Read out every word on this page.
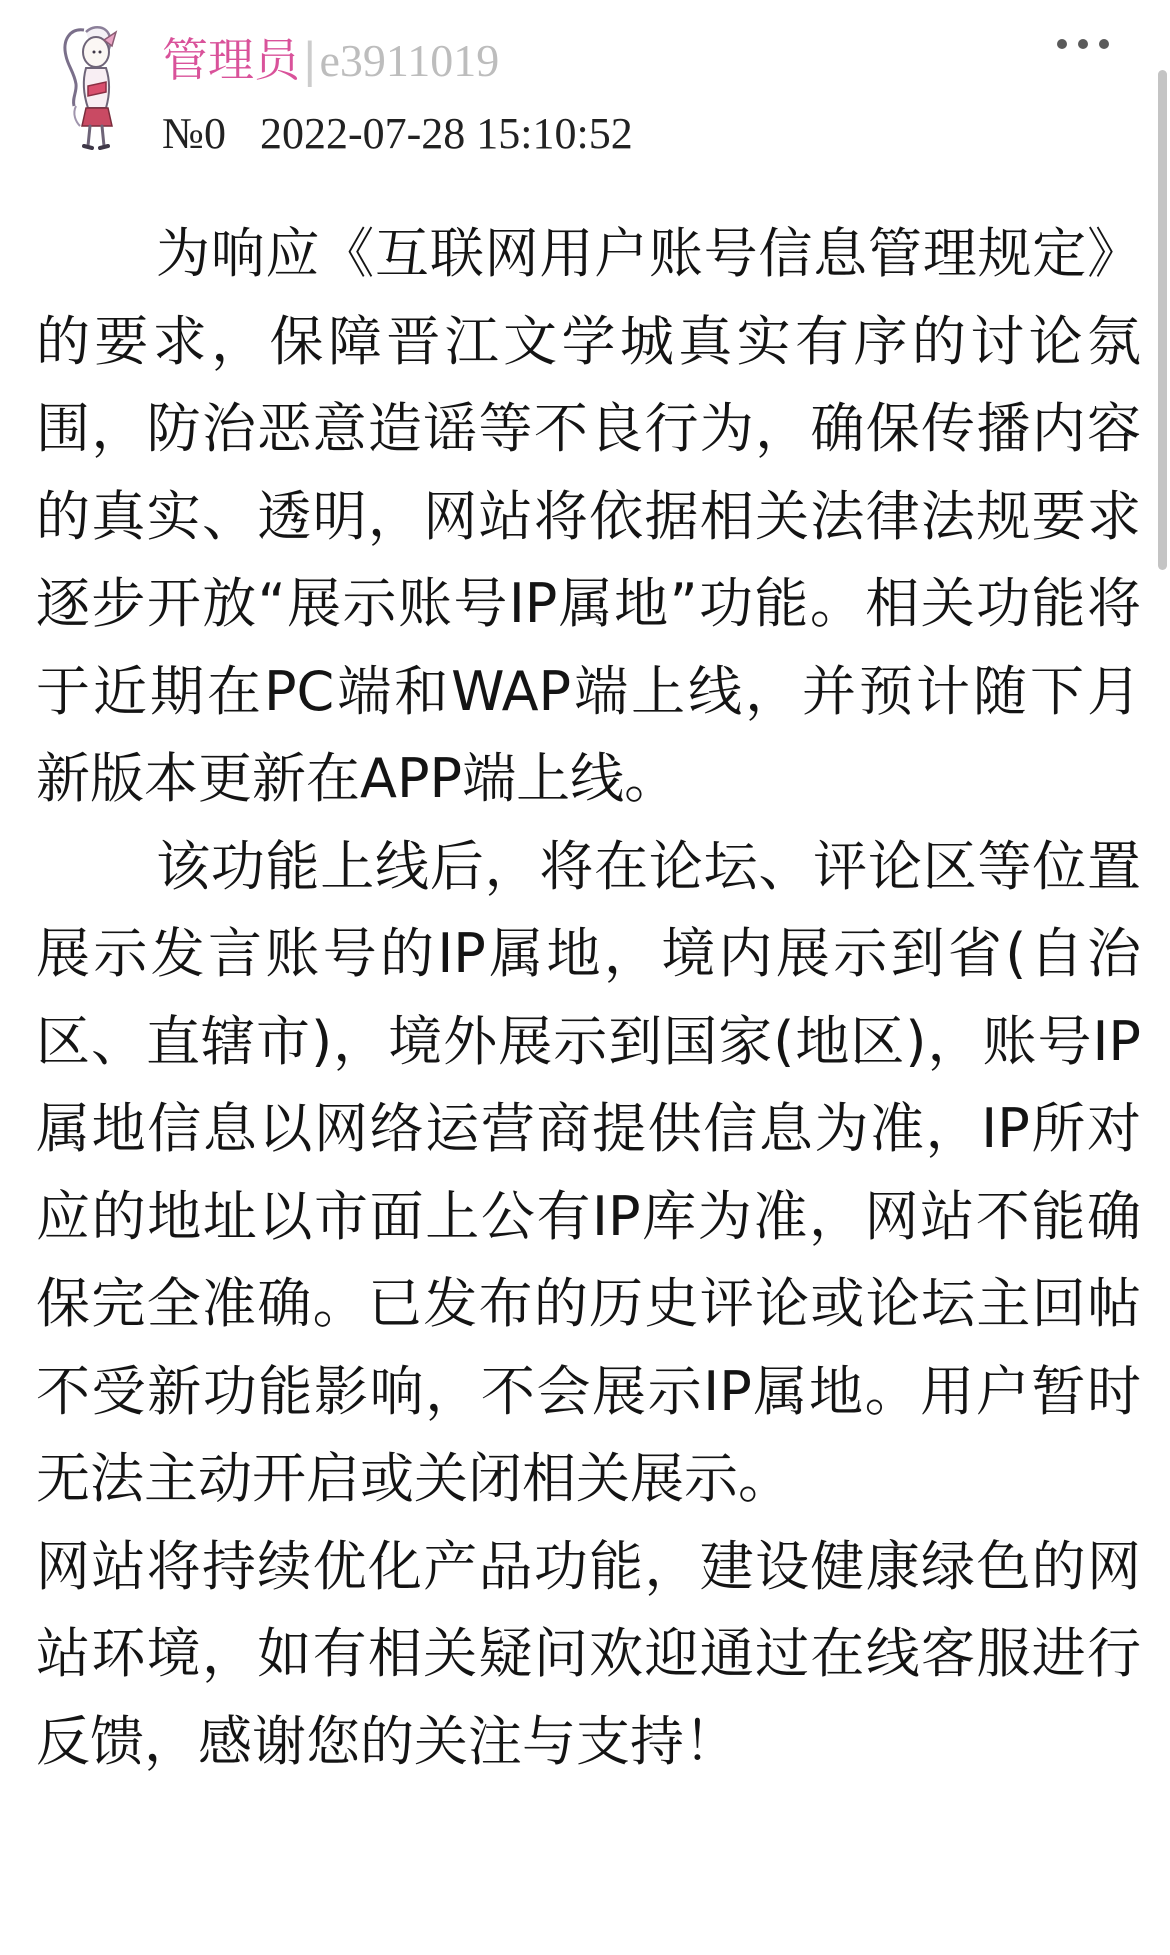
管理员|e3911019
№0 2022-07-28 15:10:52

为响应《互联网用户账号信息管理规定》的要求，保障晋江文学城真实有序的讨论氛围，防治恶意造谣等不良行为，确保传播内容的真实、透明，网站将依据相关法律法规要求逐步开放“展示账号IP属地”功能。相关功能将于近期在PC端和WAP端上线，并预计随下月新版本更新在APP端上线。

该功能上线后，将在论坛、评论区等位置展示发言账号的IP属地，境内展示到省(自治区、直辖市)，境外展示到国家(地区)，账号IP属地信息以网络运营商提供信息为准，IP所对应的地址以市面上公有IP库为准，网站不能确保完全准确。已发布的历史评论或论坛主回帖不受新功能影响，不会展示IP属地。用户暂时无法主动开启或关闭相关展示。

网站将持续优化产品功能，建设健康绿色的网站环境，如有相关疑问欢迎通过在线客服进行反馈，感谢您的关注与支持！
